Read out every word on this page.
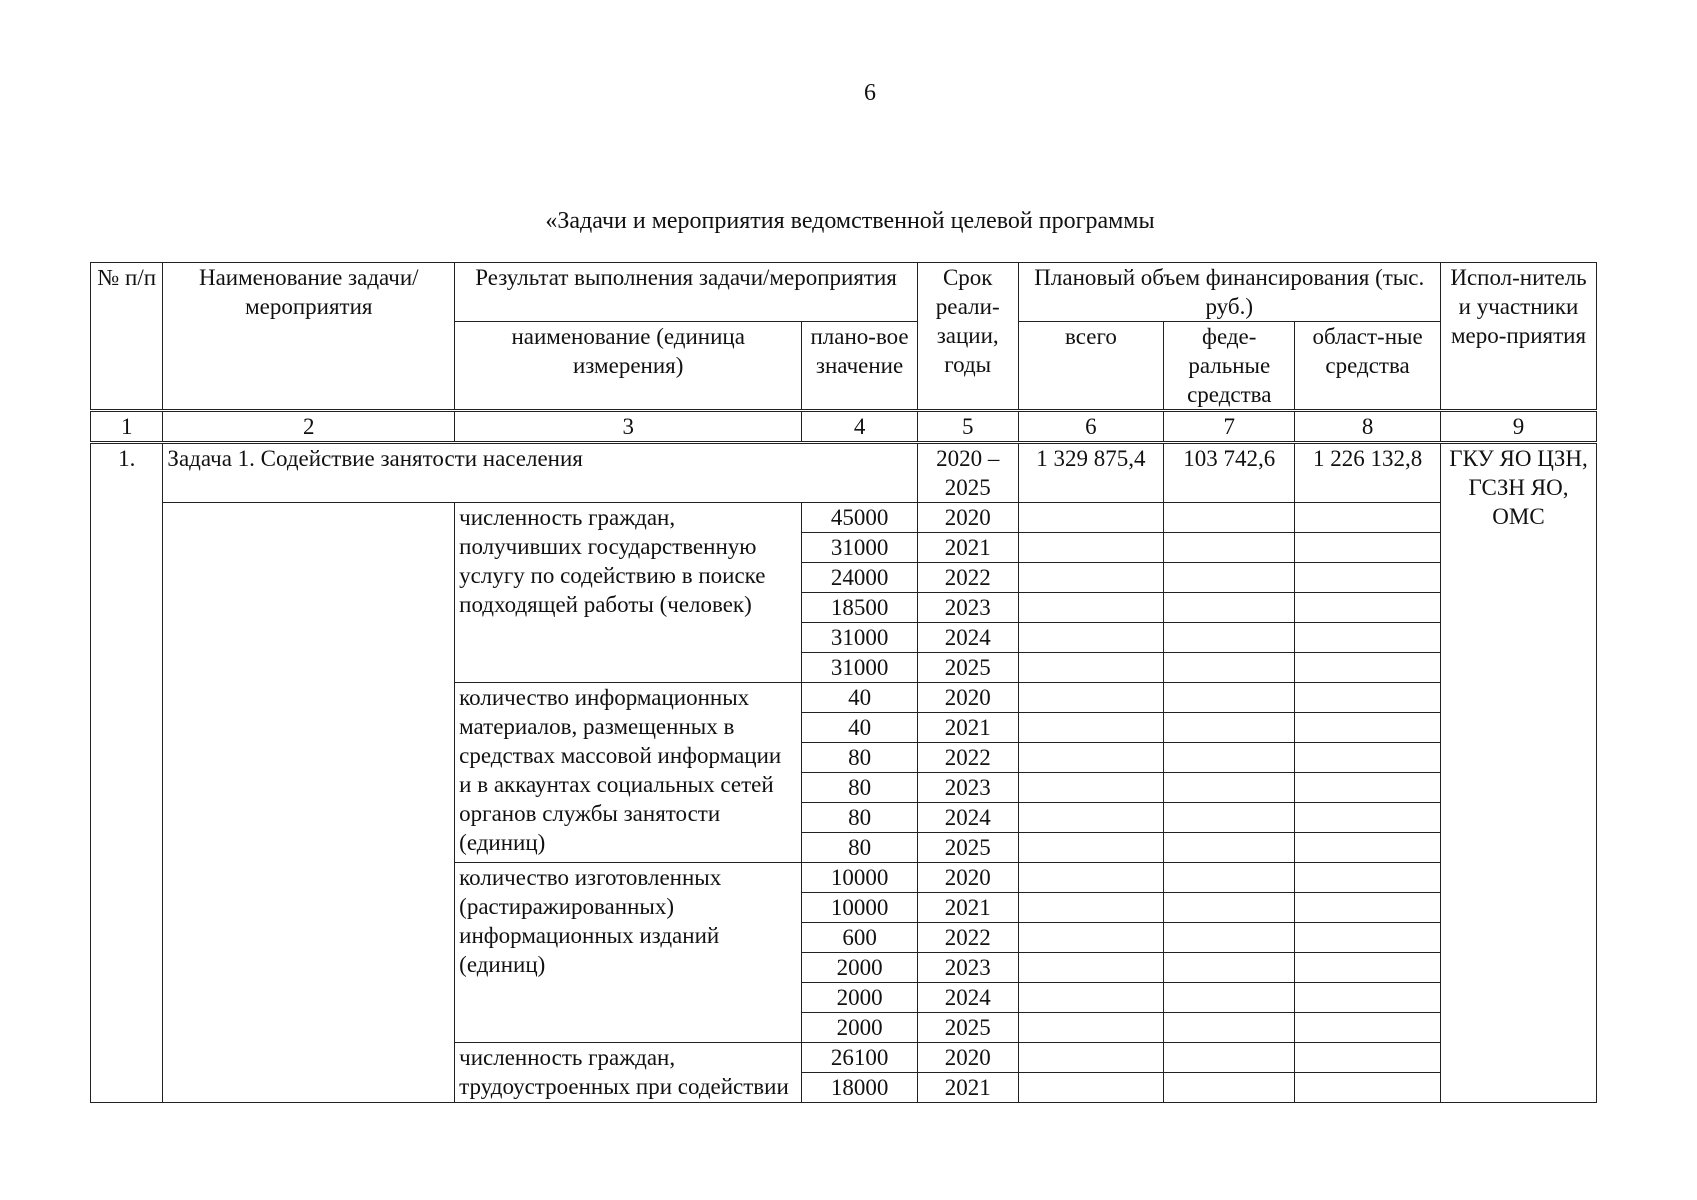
6
«Задачи и мероприятия ведомственной целевой программы
№ п/п	Наименование задачи/мероприятия	Результат выполнения задачи/мероприятия		Срок реали-зации, годы	Плановый объем финансирования (тыс. руб.)			Испол-нитель и участники меро-приятия
		наименование (единица измерения)	плано-вое значение		всего	феде-ральные средства	област-ные средства	
1	2	3	4	5	6	7	8	9
1.	Задача 1. Содействие занятости населения			2020 – 2025	1 329 875,4	103 742,6	1 226 132,8	ГКУ ЯО ЦЗН, ГСЗН ЯО, ОМС
		численность граждан, получивших государственную услугу по содействию в поиске подходящей работы (человек)	45000	2020				
			31000	2021				
			24000	2022				
			18500	2023				
			31000	2024				
			31000	2025				
		количество информационных материалов, размещенных в средствах массовой информации и в аккаунтах социальных сетей органов службы занятости (единиц)	40	2020				
			40	2021				
			80	2022				
			80	2023				
			80	2024				
			80	2025				
		количество изготовленных (растиражированных) информационных изданий (единиц)	10000	2020				
			10000	2021				
			600	2022				
			2000	2023				
			2000	2024				
			2000	2025				
		численность граждан, трудоустроенных при содействии	26100	2020				
			18000	2021				
